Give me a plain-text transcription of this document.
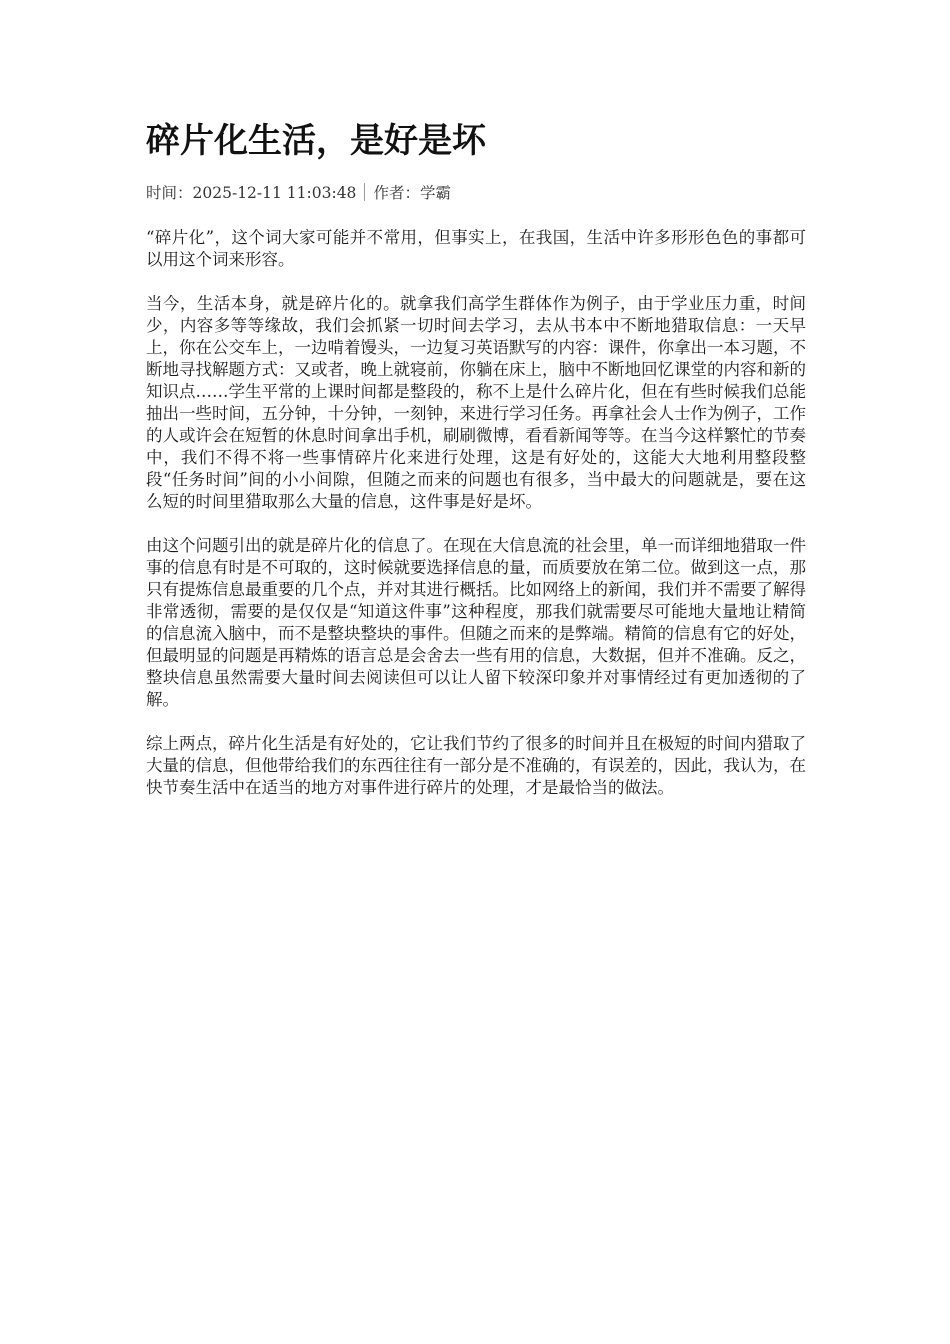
碎片化生活，是好是坏
时间：2025-12-11 11:03:48 作者：学霸

“碎片化”，这个词大家可能并不常用，但事实上，在我国，生活中许多形形色色的事都可以用这个词来形容。

当今，生活本身，就是碎片化的。就拿我们高学生群体作为例子，由于学业压力重，时间少，内容多等等缘故，我们会抓紧一切时间去学习，去从书本中不断地猎取信息：一天早上，你在公交车上，一边啃着馒头，一边复习英语默写的内容：课件，你拿出一本习题，不断地寻找解题方式：又或者，晚上就寝前，你躺在床上，脑中不断地回忆课堂的内容和新的知识点……学生平常的上课时间都是整段的，称不上是什么碎片化，但在有些时候我们总能抽出一些时间，五分钟，十分钟，一刻钟，来进行学习任务。再拿社会人士作为例子，工作的人或许会在短暂的休息时间拿出手机，刷刷微博，看看新闻等等。在当今这样繁忙的节奏中，我们不得不将一些事情碎片化来进行处理，这是有好处的，这能大大地利用整段整段“任务时间”间的小小间隙，但随之而来的问题也有很多，当中最大的问题就是，要在这么短的时间里猎取那么大量的信息，这件事是好是坏。

由这个问题引出的就是碎片化的信息了。在现在大信息流的社会里，单一而详细地猎取一件事的信息有时是不可取的，这时候就要选择信息的量，而质要放在第二位。做到这一点，那只有提炼信息最重要的几个点，并对其进行概括。比如网络上的新闻，我们并不需要了解得非常透彻，需要的是仅仅是“知道这件事”这种程度，那我们就需要尽可能地大量地让精简的信息流入脑中，而不是整块整块的事件。但随之而来的是弊端。精简的信息有它的好处，但最明显的问题是再精炼的语言总是会舍去一些有用的信息，大数据，但并不准确。反之，整块信息虽然需要大量时间去阅读但可以让人留下较深印象并对事情经过有更加透彻的了解。

综上两点，碎片化生活是有好处的，它让我们节约了很多的时间并且在极短的时间内猎取了大量的信息，但他带给我们的东西往往有一部分是不准确的，有误差的，因此，我认为，在快节奏生活中在适当的地方对事件进行碎片的处理，才是最恰当的做法。
